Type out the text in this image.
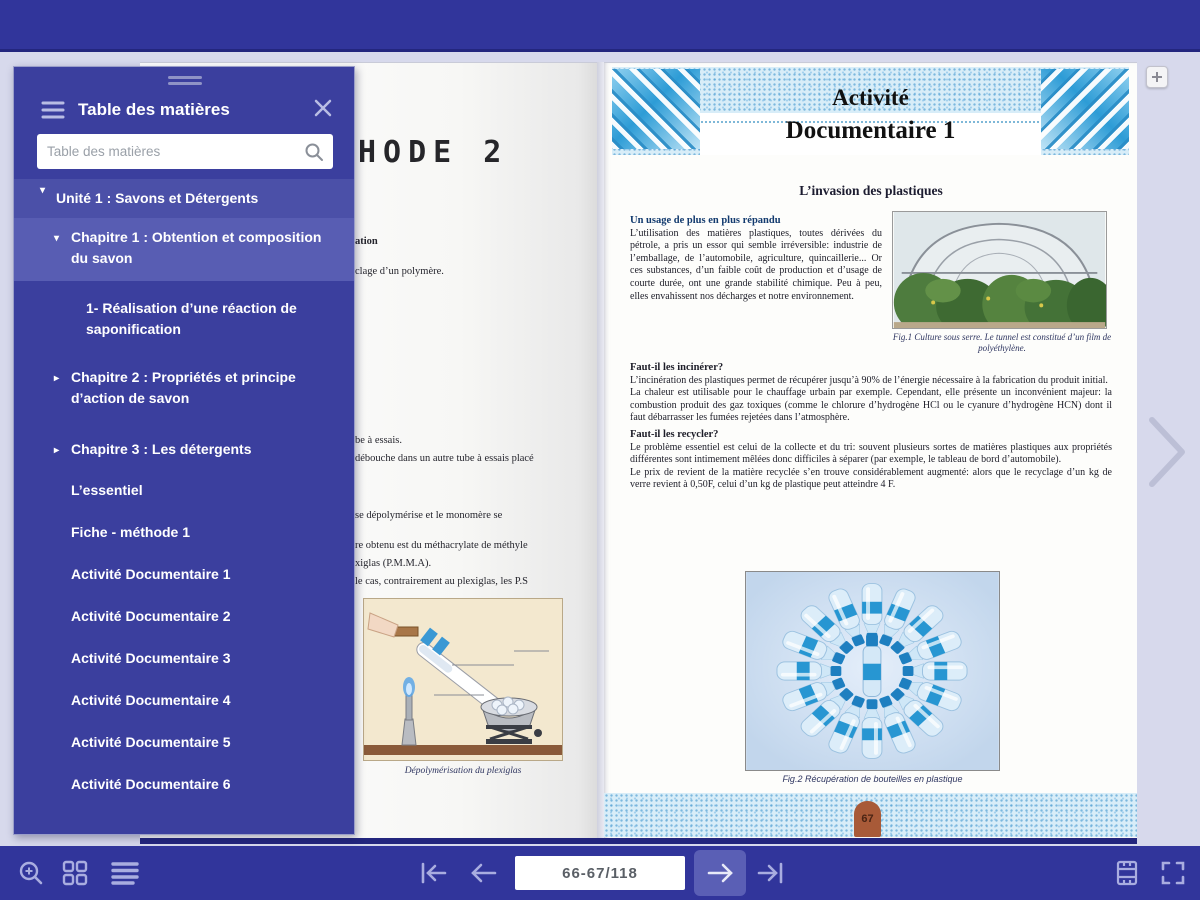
HODE 2
ation
clage d’un polymère.
be à essais.
débouche dans un autre tube à essais placé
se dépolymérise et le monomère se
re obtenu est du méthacrylate de méthyle
xiglas (P.M.M.A).
le cas, contrairement au plexiglas, les P.S
Dépolymérisation du plexiglas
Activité
Documentaire 1
L’invasion des plastiques
Un usage de plus en plus répandu
L’utilisation des matières plastiques, toutes dérivées du pétrole, a pris un essor qui semble irréversible: industrie de l’emballage, de l’automobile, agriculture, quincaillerie... Or ces substances, d’un faible coût de production et d’usage de courte durée, ont une grande stabilité chimique. Peu à peu, elles envahissent nos décharges et notre environnement.
Fig.1 Culture sous serre. Le tunnel est constitué d’un film de polyéthylène.
Faut-il les incinérer?
L’incinération des plastiques permet de récupérer jusqu’à 90% de l’énergie nécessaire à la fabrication du produit initial.
La chaleur est utilisable pour le chauffage urbain par exemple. Cependant, elle présente un inconvénient majeur: la combustion produit des gaz toxiques (comme le chlorure d’hydrogène HCl ou le cyanure d’hydrogène HCN) dont il faut débarrasser les fumées rejetées dans l’atmosphère.
Faut-il les recycler?
Le problème essentiel est celui de la collecte et du tri: souvent plusieurs sortes de matières plastiques aux propriétés différentes sont intimement mêlées donc difficiles à séparer (par exemple, le tableau de bord d’automobile).
Le prix de revient de la matière recyclée s’en trouve considérablement augmenté: alors que le recyclage d’un kg de verre revient à 0,50F, celui d’un kg de plastique peut atteindre 4 F.
Fig.2 Récupération de bouteilles en plastique
67
Table des matières
Table des matières
▾ Unité 1 : Savons et Détergents
▾ Chapitre 1 : Obtention et composition du savon
1- Réalisation d’une réaction de saponification
▸ Chapitre 2 : Propriétés et principe d’action de savon
▸ Chapitre 3 : Les détergents
L’essentiel
Fiche - méthode 1
Activité Documentaire 1
Activité Documentaire 2
Activité Documentaire 3
Activité Documentaire 4
Activité Documentaire 5
Activité Documentaire 6
66-67/118
